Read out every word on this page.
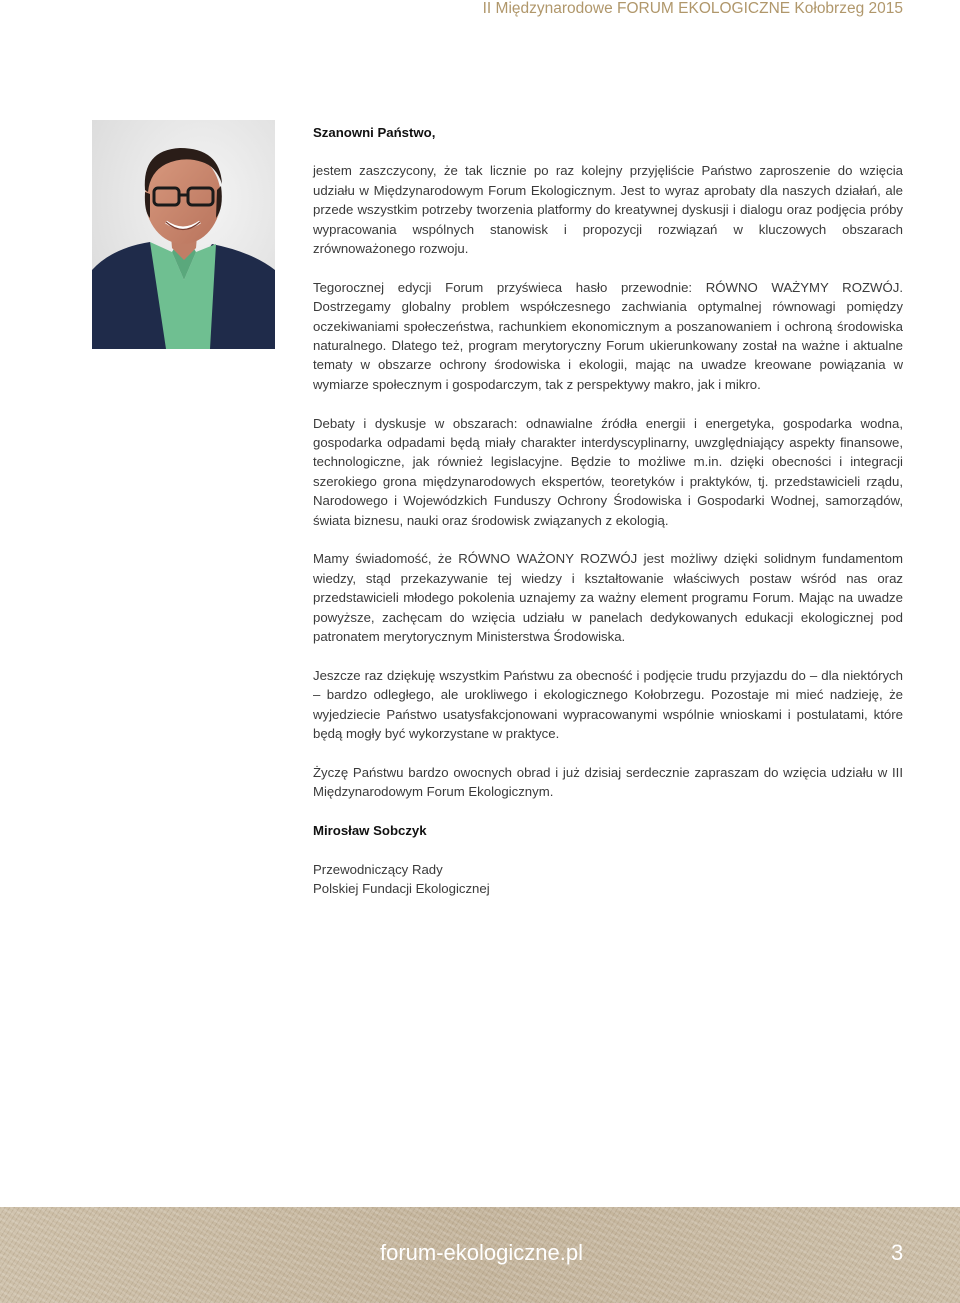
II Międzynarodowe FORUM EKOLOGICZNE Kołobrzeg 2015

Szanowni Państwo,

jestem zaszczycony, że tak licznie po raz kolejny przyjęliście Państwo zaproszenie do wzięcia udziału w Międzynarodowym Forum Ekologicznym. Jest to wyraz aprobaty dla naszych działań, ale przede wszystkim potrzeby tworzenia platformy do kreatywnej dyskusji i dialogu oraz podjęcia próby wypracowania wspólnych stanowisk i propozycji rozwiązań w kluczowych obszarach zrównoważonego rozwoju.

Tegorocznej edycji Forum przyświeca hasło przewodnie: RÓWNO WAŻYMY ROZWÓJ. Dostrzegamy globalny problem współczesnego zachwiania optymalnej równowagi pomiędzy oczekiwaniami społeczeństwa, rachunkiem ekonomicznym a poszanowaniem i ochroną środowiska naturalnego. Dlatego też, program merytoryczny Forum ukierunkowany został na ważne i aktualne tematy w obszarze ochrony środowiska i ekologii, mając na uwadze kreowane powiązania w wymiarze społecznym i gospodarczym, tak z perspektywy makro, jak i mikro.

Debaty i dyskusje w obszarach: odnawialne źródła energii i energetyka, gospodarka wodna, gospodarka odpadami będą miały charakter interdyscyplinarny, uwzględniający aspekty finansowe, technologiczne, jak również legislacyjne. Będzie to możliwe m.in. dzięki obecności i integracji szerokiego grona międzynarodowych ekspertów, teoretyków i praktyków, tj. przedstawicieli rządu, Narodowego i Wojewódzkich Funduszy Ochrony Środowiska i Gospodarki Wodnej, samorządów, świata biznesu, nauki oraz środowisk związanych z ekologią.

Mamy świadomość, że RÓWNO WAŻONY ROZWÓJ jest możliwy dzięki solidnym fundamentom wiedzy, stąd przekazywanie tej wiedzy i kształtowanie właściwych postaw wśród nas oraz przedstawicieli młodego pokolenia uznajemy za ważny element programu Forum. Mając na uwadze powyższe, zachęcam do wzięcia udziału w panelach dedykowanych edukacji ekologicznej pod patronatem merytorycznym Ministerstwa Środowiska.

Jeszcze raz dziękuję wszystkim Państwu za obecność i podjęcie trudu przyjazdu do – dla niektórych – bardzo odległego, ale urokliwego i ekologicznego Kołobrzegu. Pozostaje mi mieć nadzieję, że wyjedziecie Państwo usatysfakcjonowani wypracowanymi wspólnie wnioskami i postulatami, które będą mogły być wykorzystane w praktyce.

Życzę Państwu bardzo owocnych obrad i już dzisiaj serdecznie zapraszam do wzięcia udziału w III Międzynarodowym Forum Ekologicznym.

Mirosław Sobczyk

Przewodniczący Rady
Polskiej Fundacji Ekologicznej
forum-ekologiczne.pl	3
